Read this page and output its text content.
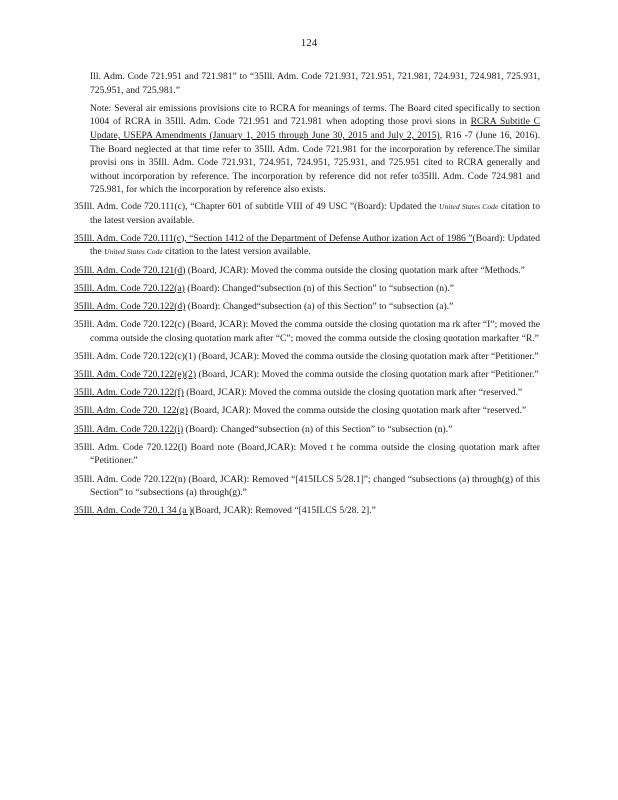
124

Ill. Adm. Code 721.951 and 721.981” to “35Ill. Adm. Code 721.931, 721.951, 721.981, 724.931, 724.981, 725.931, 725.951, and 725.981.”

Note: Several air emissions provisions cite to RCRA for meanings of terms. The Board cited specifically to section 1004 of RCRA in 35Ill. Adm. Code 721.951 and 721.981 when adopting those provi sions in RCRA Subtitle C Update, USEPA Amendments (January 1, 2015 through June 30, 2015 and July 2, 2015), R16 -7 (June 16, 2016). The Board neglected at that time refer to 35Ill. Adm. Code 721.981 for the incorporation by reference.The similar provisi ons in 35Ill. Adm. Code 721.931, 724.951, 724.951, 725.931, and 725.951 cited to RCRA generally and without incorporation by reference. The incorporation by reference did not refer to35Ill. Adm. Code 724.981 and 725.981, for which the incorporation by reference also exists.

35Ill. Adm. Code 720.111(c), “Chapter 601 of subtitle VIII of 49 USC ”(Board): Updated the United States Code citation to the latest version available.

35Ill. Adm. Code 720.111(c), “Section 1412 of the Department of Defense Author ization Act of 1986 ”(Board): Updated the United States Code citation to the latest version available.

35Ill. Adm. Code 720.121(d) (Board, JCAR): Moved the comma outside the closing quotation mark after “Methods.”

35Ill. Adm. Code 720.122(a) (Board): Changed“subsection (n) of this Section” to “subsection (n).”

35Ill. Adm. Code 720.122(d) (Board): Changed“subsection (a) of this Section” to “subsection (a).”

35Ill. Adm. Code 720.122(c) (Board, JCAR): Moved the comma outside the closing quotation ma rk after “I”; moved the comma outside the closing quotation mark after “C”; moved the comma outside the closing quotation markafter “R.”

35Ill. Adm. Code 720.122(c)(1) (Board, JCAR): Moved the comma outside the closing quotation mark after “Petitioner.”

35Ill. Adm. Code 720.122(e)(2) (Board, JCAR): Moved the comma outside the closing quotation mark after “Petitioner.”

35Ill. Adm. Code 720.122(f) (Board, JCAR): Moved the comma outside the closing quotation mark after “reserved.”

35Ill. Adm. Code 720. 122(g) (Board, JCAR): Moved the comma outside the closing quotation mark after “reserved.”

35Ill. Adm. Code 720.122(i) (Board): Changed“subsection (n) of this Section” to “subsection (n).”

35Ill. Adm. Code 720.122(l) Board note (Board,JCAR): Moved t he comma outside the closing quotation mark after “Petitioner.”

35Ill. Adm. Code 720.122(n) (Board, JCAR): Removed “[415ILCS 5/28.1]”; changed “subsections (a) through(g) of this Section” to “subsections (a) through(g).”

35Ill. Adm. Code 720.1 34 (a )(Board, JCAR): Removed “[415ILCS 5/28. 2].”
